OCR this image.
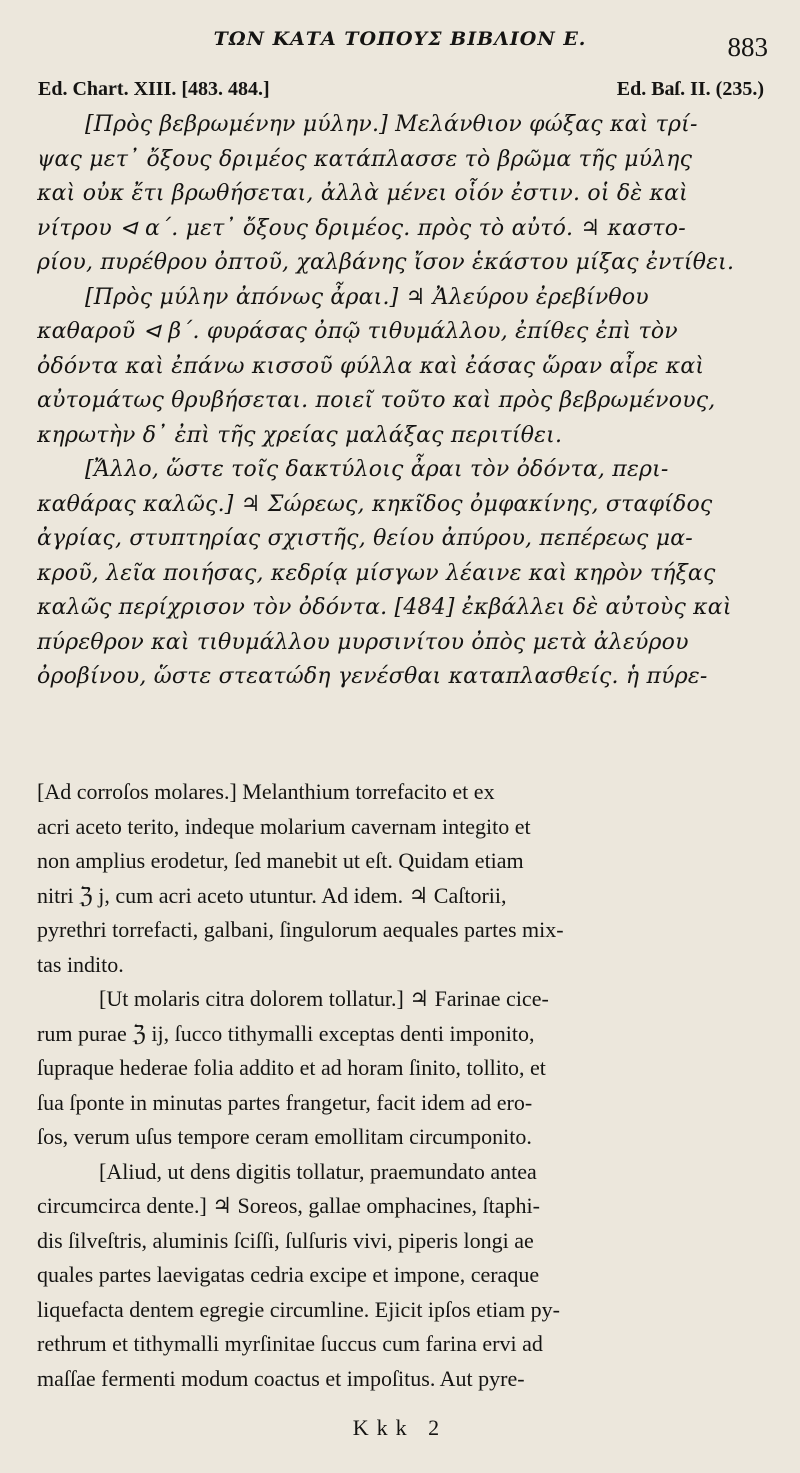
ΤΩΝ ΚΑΤΑ ΤΟΠΟΥΣ ΒΙΒΛΙΟΝ Ε.	883
Ed. Chart. XIII. [483. 484.]	Ed. Baſ. II. (235.)
[Πρὸς βεβρωμένην μύλην.] Μελάνθιον φώξας καὶ τρί-
ψας μετ᾽ ὄξους δριμέος κατάπλασσε τὸ βρῶμα τῆς μύλης
καὶ οὐκ ἔτι βρωθήσεται, ἀλλὰ μένει οἷόν ἐστιν. οἱ δὲ καὶ
νίτρου ⊲ α΄. μετ᾽ ὄξους δριμέος. πρὸς τὸ αὐτό. ♃ καστο-
ρίου, πυρέθρου ὀπτοῦ, χαλβάνης ἴσον ἑκάστου μίξας ἐντίθει.
[Πρὸς μύλην ἀπόνως ἆραι.] ♃ Ἀλεύρου ἐρεβίνθου
καθαροῦ ⊲ β΄. φυράσας ὀπῷ τιθυμάλλου, ἐπίθες ἐπὶ τὸν
ὀδόντα καὶ ἐπάνω κισσοῦ φύλλα καὶ ἐάσας ὥραν αἶρε καὶ
αὐτομάτως θρυβήσεται. ποιεῖ τοῦτο καὶ πρὸς βεβρωμένους,
κηρωτὴν δ᾽ ἐπὶ τῆς χρείας μαλάξας περιτίθει.
[Ἄλλο, ὥστε τοῖς δακτύλοις ἆραι τὸν ὀδόντα, περι-
καθάρας καλῶς.] ♃ Σώρεως, κηκῖδος ὀμφακίνης, σταφίδος
ἀγρίας, στυπτηρίας σχιστῆς, θείου ἀπύρου, πεπέρεως μα-
κροῦ, λεῖα ποιήσας, κεδρίᾳ μίσγων λέαινε καὶ κηρὸν τήξας
καλῶς περίχρισον τὸν ὀδόντα. [484] ἐκβάλλει δὲ αὐτοὺς καὶ
πύρεθρον καὶ τιθυμάλλου μυρσινίτου ὀπὸς μετὰ ἀλεύρου
ὀροβίνου, ὥστε στεατώδη γενέσθαι καταπλασθείς. ἡ πύρε-
[Ad corroſos molares.] Melanthium torrefacito et ex
acri aceto terito, indeque molarium cavernam integito et
non amplius erodetur, ſed manebit ut eſt. Quidam etiam
nitri ℨ j, cum acri aceto utuntur. Ad idem. ♃ Caſtorii,
pyrethri torrefacti, galbani, ſingulorum aequales partes mix-
tas indito.
[Ut molaris citra dolorem tollatur.] ♃ Farinae cice-
rum purae ℨ ij, ſucco tithymalli exceptas denti imponito,
ſupraque hederae folia addito et ad horam ſinito, tollito, et
ſua ſponte in minutas partes frangetur, facit idem ad ero-
ſos, verum uſus tempore ceram emollitam circumponito.
[Aliud, ut dens digitis tollatur, praemundato antea
circumcirca dente.] ♃ Soreos, gallae omphacines, ſtaphi-
dis ſilveſtris, aluminis ſciſſi, ſulſuris vivi, piperis longi ae
quales partes laevigatas cedria excipe et impone, ceraque
liquefacta dentem egregie circumline. Ejicit ipſos etiam py-
rethrum et tithymalli myrſinitae ſuccus cum farina ervi ad
maſſae fermenti modum coactus et impoſitus. Aut pyre-
Kkk 2
